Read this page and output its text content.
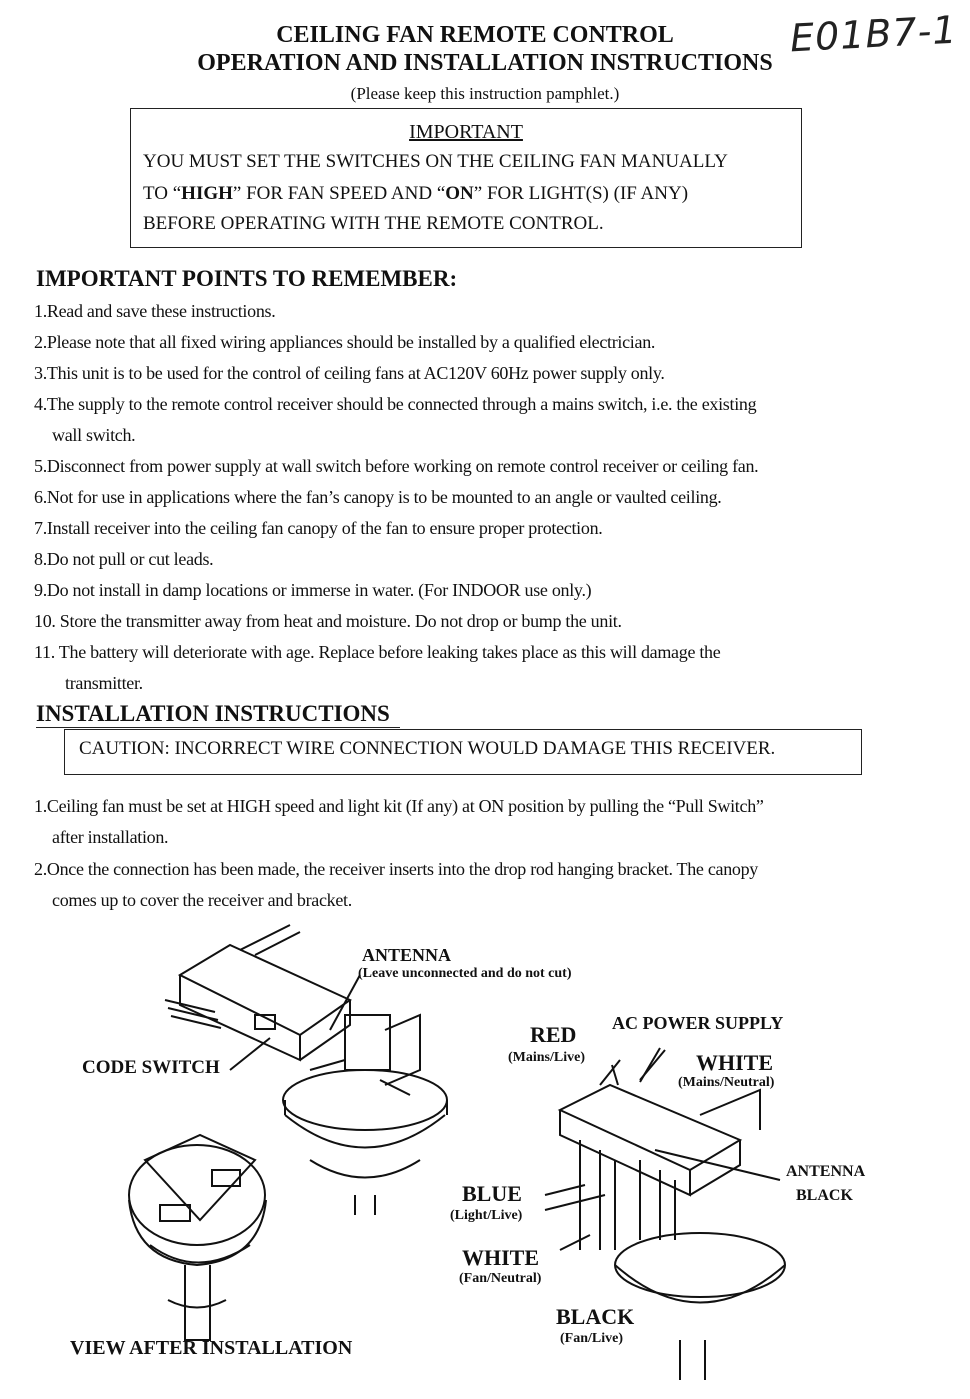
E01B7-1
CEILING FAN REMOTE CONTROL
OPERATION AND INSTALLATION INSTRUCTIONS
(Please keep this instruction pamphlet.)
IMPORTANT
YOU MUST SET THE SWITCHES ON THE CEILING FAN MANUALLY
TO “HIGH” FOR FAN SPEED AND “ON” FOR LIGHT(S) (IF ANY)
BEFORE OPERATING WITH THE REMOTE CONTROL.
IMPORTANT POINTS TO REMEMBER:
1.Read and save these instructions.
2.Please note that all fixed wiring appliances should be installed by a qualified electrician.
3.This unit is to be used for the control of ceiling fans at AC120V 60Hz power supply only.
4.The supply to the remote control receiver should be connected through a mains switch, i.e. the existing
wall switch.
5.Disconnect from power supply at wall switch before working on remote control receiver or ceiling fan.
6.Not for use in applications where the fan’s canopy is to be mounted to an angle or vaulted ceiling.
7.Install receiver into the ceiling fan canopy of the fan to ensure proper protection.
8.Do not pull or cut leads.
9.Do not install in damp locations or immerse in water. (For INDOOR use only.)
10. Store the transmitter away from heat and moisture. Do not drop or bump the unit.
11. The battery will deteriorate with age. Replace before leaking takes place as this will damage the
transmitter.
INSTALLATION INSTRUCTIONS
CAUTION: INCORRECT WIRE CONNECTION WOULD DAMAGE THIS RECEIVER.
1.Ceiling fan must be set at HIGH speed and light kit (If any) at ON position by pulling the “Pull Switch”
after installation.
2.Once the connection has been made, the receiver inserts into the drop rod hanging bracket. The canopy
comes up to cover the receiver and bracket.
ANTENNA
(Leave unconnected and do not cut)
CODE SWITCH
RED
(Mains/Live)
AC POWER SUPPLY
WHITE
(Mains/Neutral)
ANTENNA
BLACK
BLUE
(Light/Live)
WHITE
(Fan/Neutral)
BLACK
(Fan/Live)
VIEW AFTER INSTALLATION
